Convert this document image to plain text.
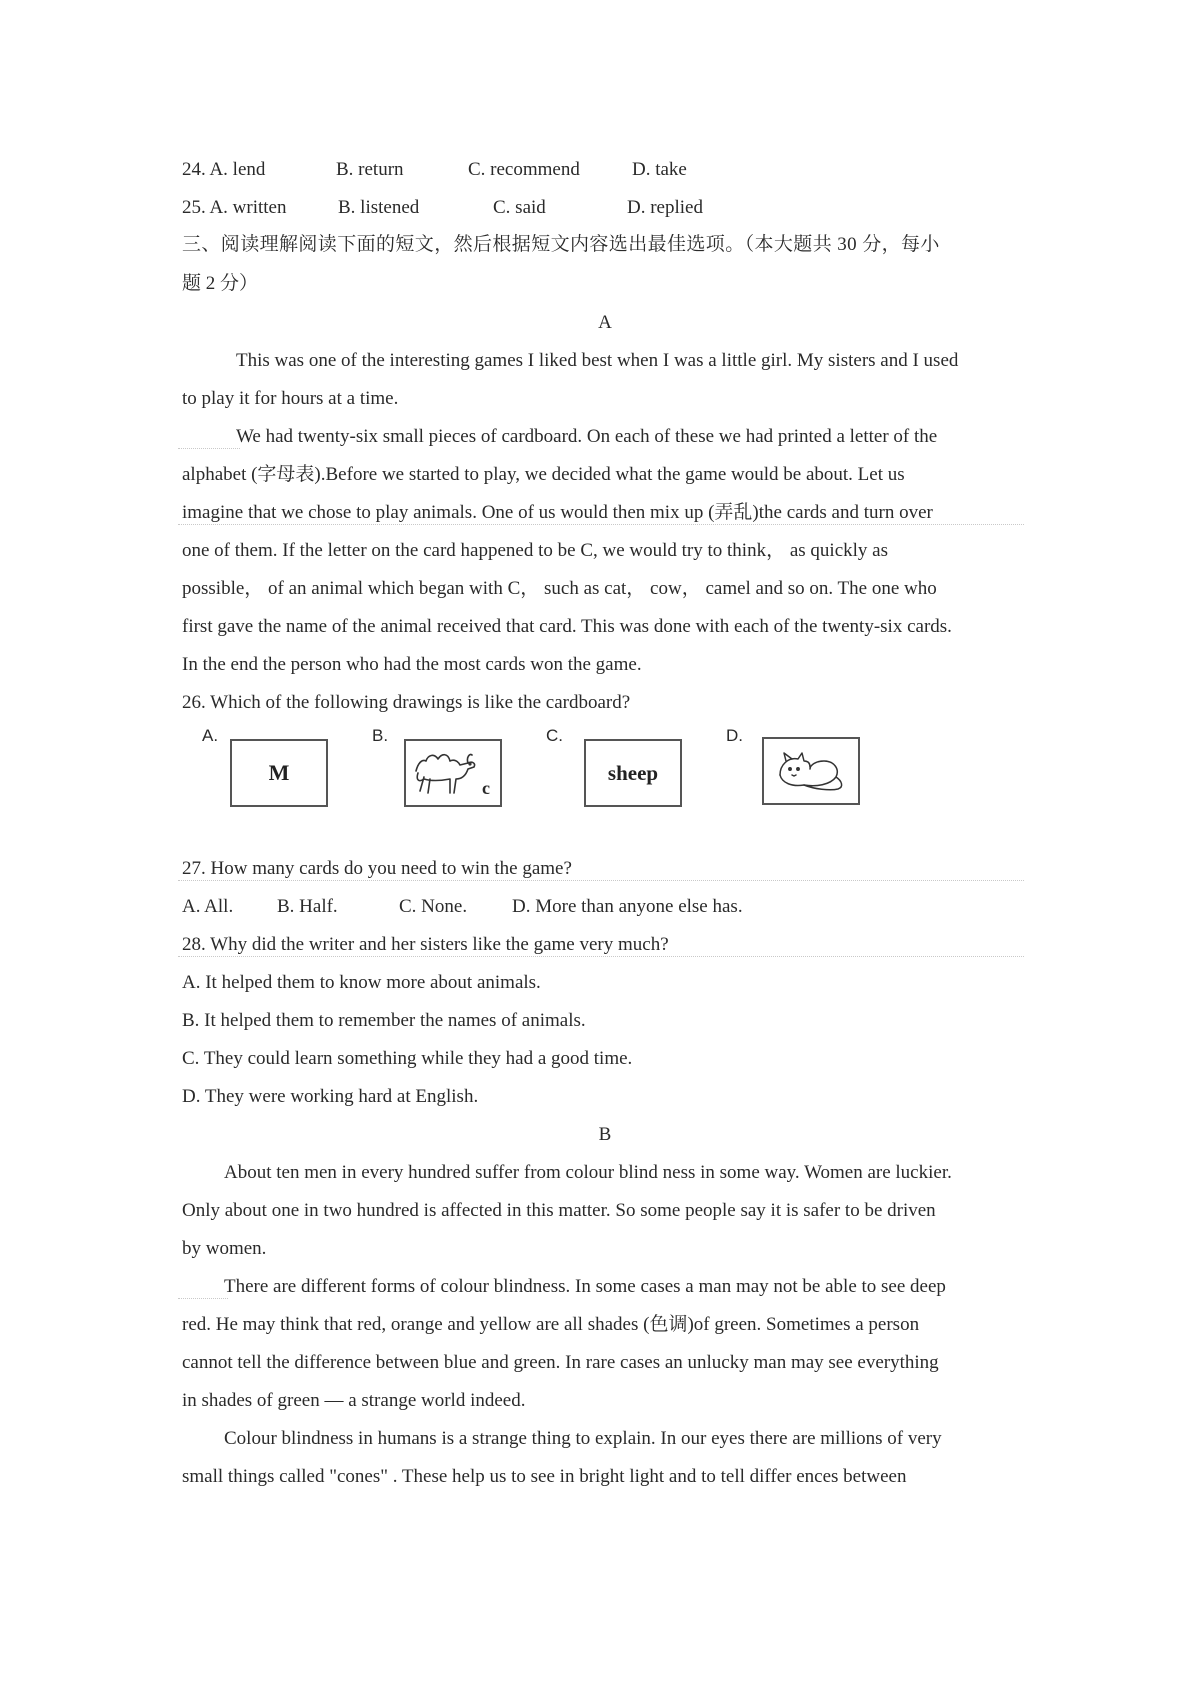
24. A. lend	B. return	C. recommend	D. take
25. A. written	B. listened	C. said	D. replied
三、阅读理解阅读下面的短文，然后根据短文内容选出最佳选项。（本大题共 30 分，每小
题 2 分）
A
This was one of the interesting games I liked best when I was a little girl. My sisters and I used
to play it for hours at a time.
We had twenty-six small pieces of cardboard. On each of these we had printed a letter of the
alphabet (字母表).Before we started to play, we decided what the game would be about. Let us
imagine that we chose to play animals. One of us would then mix up (弄乱)the cards and turn over
one of them. If the letter on the card happened to be C, we would try to think， as quickly as
possible， of an animal which began with C， such as cat， cow， camel and so on. The one who
first gave the name of the animal received that card. This was done with each of the twenty-six cards.
In the end the person who had the most cards won the game.
26. Which of the following drawings is like the cardboard?
A.
M
B.
c
C.
sheep
D.
27. How many cards do you need to win the game?
A. All. B. Half.	C. None. D. More than anyone else has.
28. Why did the writer and her sisters like the game very much?
A. It helped them to know more about animals.
B. It helped them to remember the names of animals.
C. They could learn something while they had a good time.
D. They were working hard at English.
B
About ten men in every hundred suffer from colour blind ness in some way. Women are luckier.
Only about one in two hundred is affected in this matter. So some people say it is safer to be driven
by women.
There are different forms of colour blindness. In some cases a man may not be able to see deep
red. He may think that red, orange and yellow are all shades (色调)of green. Sometimes a person
cannot tell the difference between blue and green. In rare cases an unlucky man may see everything
in shades of green — a strange world indeed.
Colour blindness in humans is a strange thing to explain. In our eyes there are millions of very
small things called "cones" . These help us to see in bright light and to tell differ ences between
